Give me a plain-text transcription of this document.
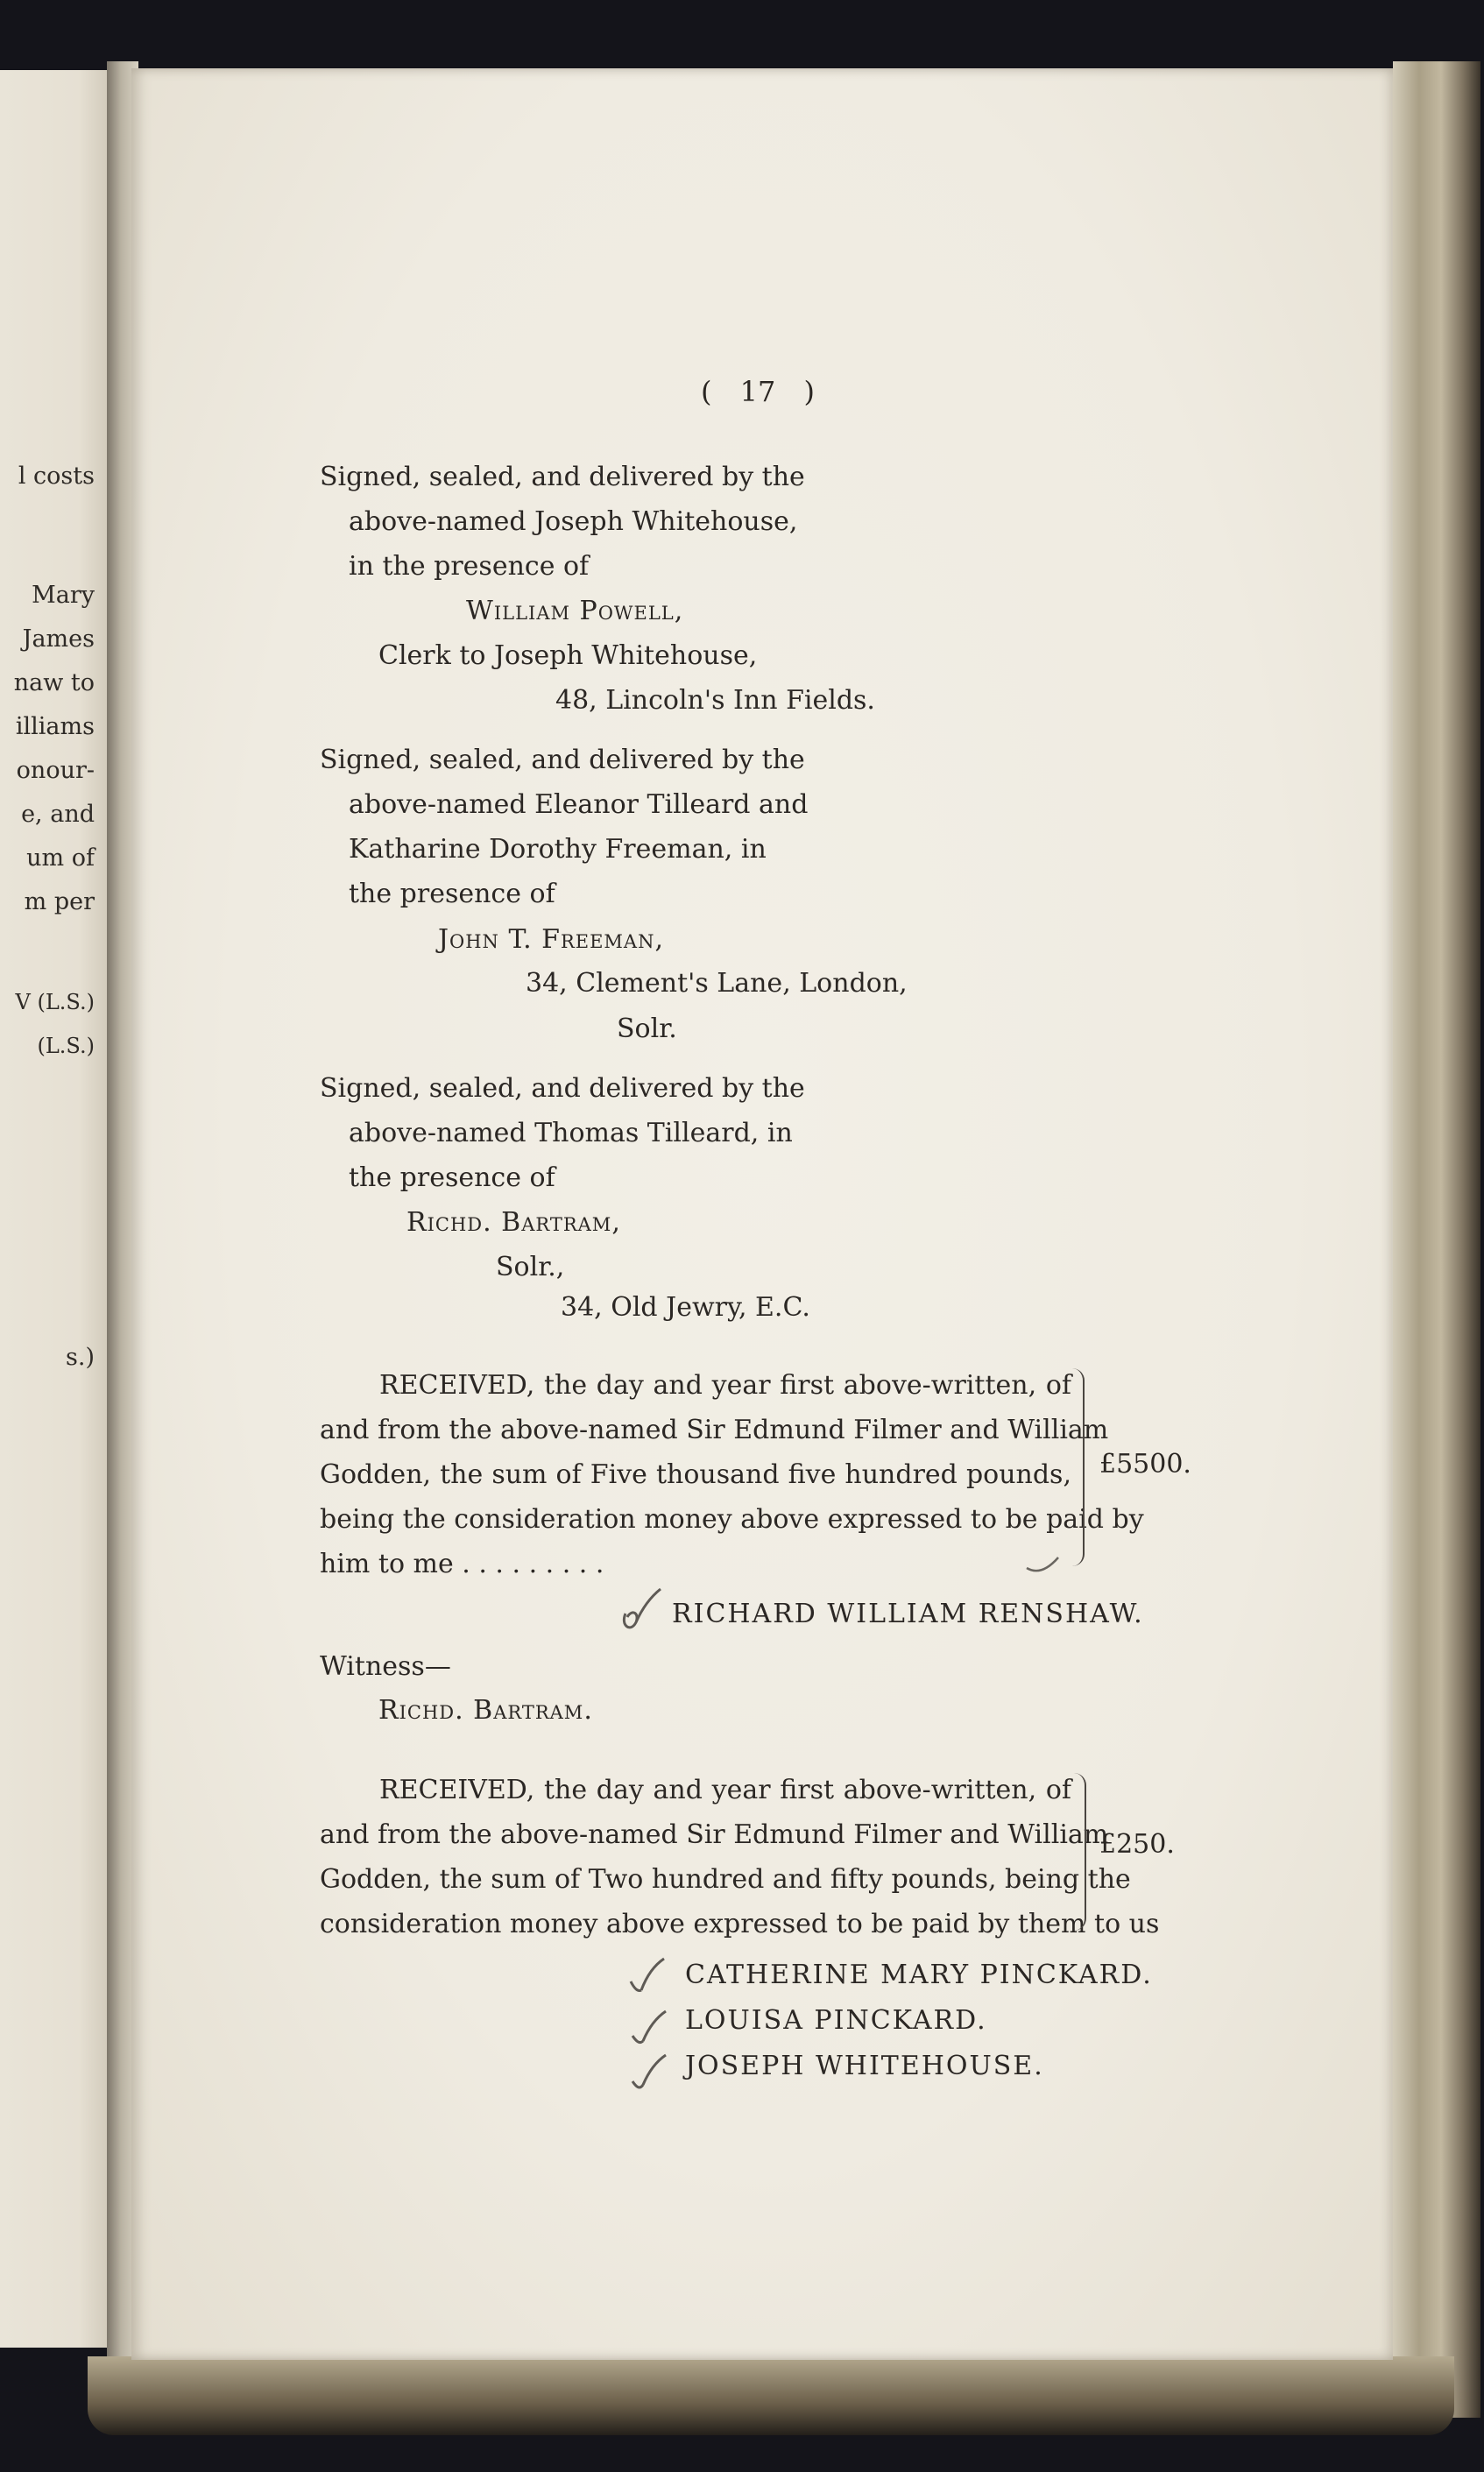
l costs
Mary
James
naw to
illiams
onour-
e, and
um of
m per
V (L.S.)
(L.S.)
s.)
( 17 )
Signed, sealed, and delivered by the
above-named Joseph Whitehouse,
in the presence of
William Powell,
Clerk to Joseph Whitehouse,
48, Lincoln's Inn Fields.
Signed, sealed, and delivered by the
above-named Eleanor Tilleard and
Katharine Dorothy Freeman, in
the presence of
John T. Freeman,
34, Clement's Lane, London,
Solr.
Signed, sealed, and delivered by the
above-named Thomas Tilleard, in
the presence of
Richd. Bartram,
Solr.,
34, Old Jewry, E.C.
RECEIVED, the day and year first above-written, of
and from the above-named Sir Edmund Filmer and William
Godden, the sum of Five thousand five hundred pounds,
being the consideration money above expressed to be paid by
him to me . . . . . . . . .
£5500.
RICHARD WILLIAM RENSHAW.
Witness—
Richd. Bartram.
RECEIVED, the day and year first above-written, of
and from the above-named Sir Edmund Filmer and William
Godden, the sum of Two hundred and fifty pounds, being the
consideration money above expressed to be paid by them to us
£250.
CATHERINE MARY PINCKARD.
LOUISA PINCKARD.
JOSEPH WHITEHOUSE.
